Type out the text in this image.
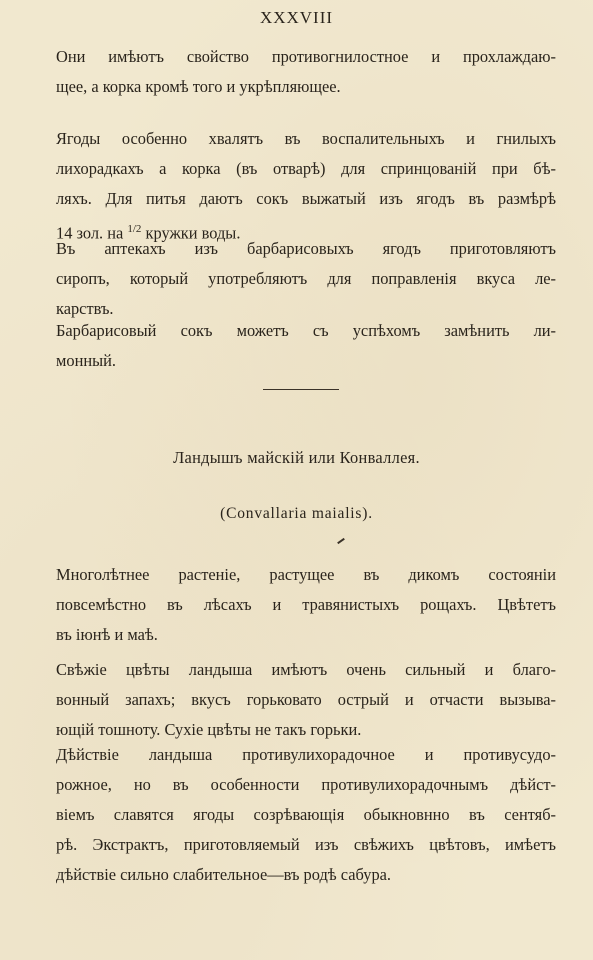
XXXVIII

Они имѣютъ свойство противогнилостное и прохлаждаю-
щее, а корка кромѣ того и укрѣпляющее.

Ягоды особенно хвалятъ въ воспалительныхъ и гнилыхъ
лихорадкахъ а корка (въ отварѣ) для спринцованій при бѣ-
ляхъ. Для питья даютъ сокъ выжатый изъ ягодъ въ размѣрѣ
14 зол. на $^{1/2}$ кружки воды.

Въ аптекахъ изъ барбарисовыхъ ягодъ приготовляютъ
сиропъ, который употребляютъ для поправленія вкуса ле-
карствъ.

Барбарисовый сокъ можетъ съ успѣхомъ замѣнить ли-
монный.

Ландышъ майскій или Конваллея.
(Convallaria maialis).

Многолѣтнее растеніе, растущее въ дикомъ состояніи
повсемѣстно въ лѣсахъ и травянистыхъ рощахъ. Цвѣтетъ
въ іюнѣ и маѣ.

Свѣжіе цвѣты ландыша имѣютъ очень сильный и благо-
вонный запахъ; вкусъ горьковато острый и отчасти вызыва-
ющій тошноту. Сухіе цвѣты не такъ горьки.

Дѣйствіе ландыша противулихорадочное и противусудо-
рожное, но въ особенности противулихорадочнымъ дѣйст-
віемъ славятся ягоды созрѣвающія обыкновнно въ сентяб-
рѣ. Экстрактъ, приготовляемый изъ свѣжихъ цвѣтовъ, имѣетъ
дѣйствіе сильно слабительное—въ родѣ сабура.
